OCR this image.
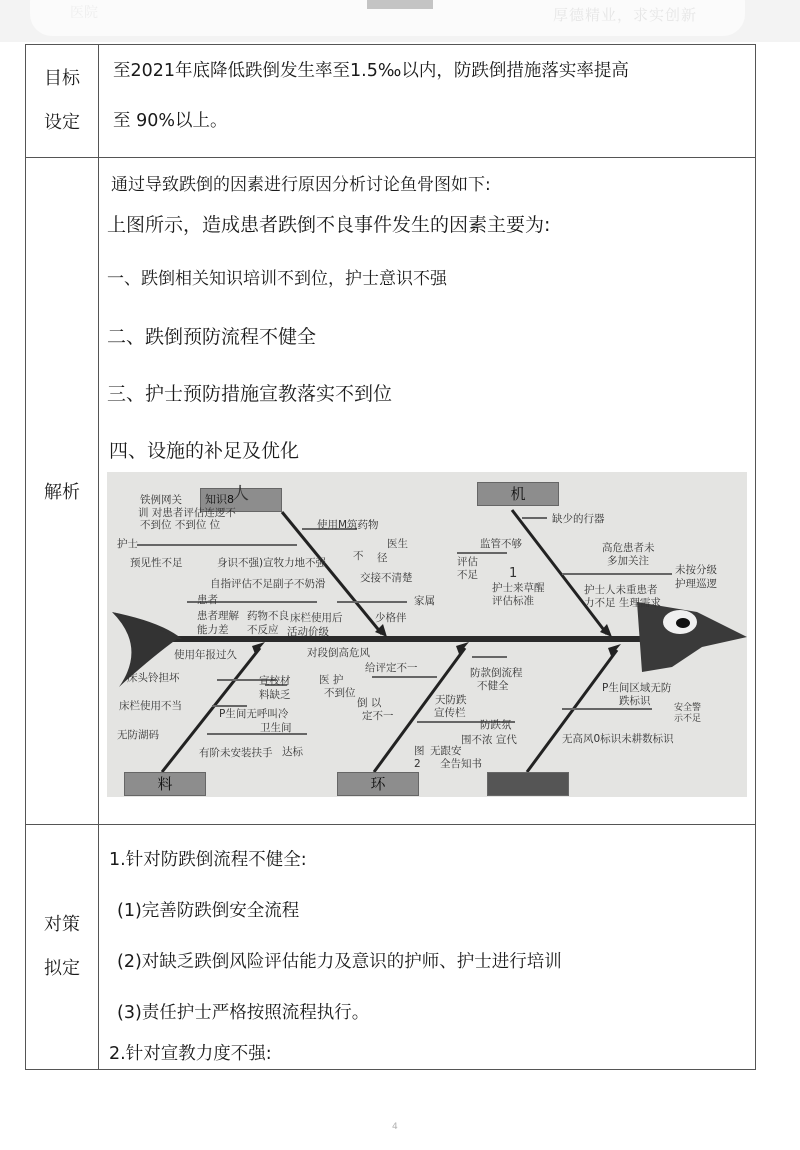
医院	厚德精业，求实创新
目标
设定

至2021年底降低跌倒发生率至1.5‰以内，防跌倒措施落实率提高
至 90%以上。

解析

通过导致跌倒的因素进行原因分析讨论鱼骨图如下:
上图所示，造成患者跌倒不良事件发生的因素主要为:
一、跌倒相关知识培训不到位，护士意识不强
二、跌倒预防流程不健全
三、护士预防措施宣教落实不到位
四、设施的补足及优化
知识8
人	机
料	环
铁例网关
训 对患者评估连逻不
不到位 不到位 位
护士
预见性不足	身识不强)宣牧力地不强
自指评估不足副子不奶滑
患者
患者理解
能力差
药物不良
不反应
床栏使用后
活动价级
使用M筑药物
医生
不 径
交接不清楚
家属
少格伴
缺少的行器
监管不够
评估
不足 1
护士来草醒
评估标准
高危患者未
多加关注
未按分级
护理巡逻
护士人未重患者
力不足 生理需求
使用年报过久
床头铃担坏	宣校材
料缺乏
床栏使用不当
P生间无呼叫冷
卫生间
无防湖码
有阶未安装扶手 达标
对段倒高危风
给评定不一
医 护
不到位
倒 以
定不一
防款倒流程
不健全
天防跌
宣传栏
防跌氛
围不浓 宣代
图
2
无跟安
全告知书
P生间区域无防
跌标识
安全警
示不足
无高风0标识未耕数标识

对策
拟定

1.针对防跌倒流程不健全:
(1)完善防跌倒安全流程
(2)对缺乏跌倒风险评估能力及意识的护师、护士进行培训
(3)责任护士严格按照流程执行。
2.针对宣教力度不强:
4
